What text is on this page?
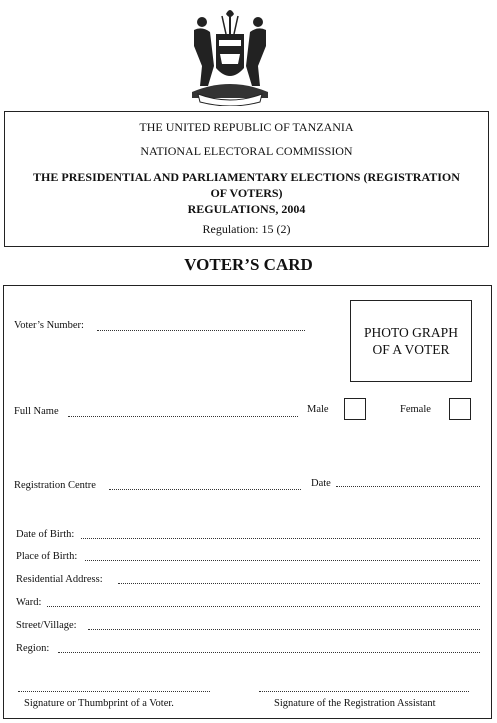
THE UNITED REPUBLIC OF TANZANIA
NATIONAL ELECTORAL COMMISSION
THE PRESIDENTIAL AND PARLIAMENTARY ELECTIONS (REGISTRATION
OF VOTERS)
REGULATIONS, 2004
Regulation: 15 (2)
VOTER’S CARD
PHOTO GRAPH
OF A VOTER
Voter’s Number:
Full Name	Male	Female
Registration Centre	Date
Date of Birth:
Place of Birth:
Residential Address:
Ward:
Street/Village:
Region:
Signature or Thumbprint of a Voter.	Signature of the Registration Assistant
